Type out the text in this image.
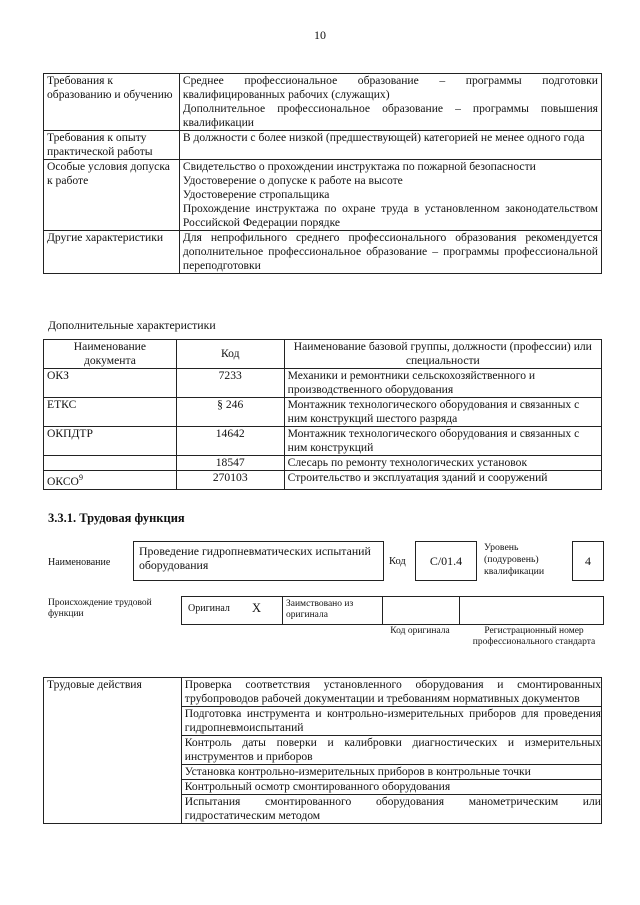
10
Требования к образованию и обучению	Среднее профессиональное образование – программы подготовки квалифицированных рабочих (служащих)
Дополнительное профессиональное образование – программы повышения квалификации
Требования к опыту практической работы	В должности с более низкой (предшествующей) категорией не менее одного года
Особые условия допуска к работе	Свидетельство о прохождении инструктажа по пожарной безопасности
Удостоверение о допуске к работе на высоте
Удостоверение стропальщика
Прохождение инструктажа по охране труда в установленном законодательством Российской Федерации порядке
Другие характеристики	Для непрофильного среднего профессионального образования рекомендуется дополнительное профессиональное образование – программы профессиональной переподготовки
Дополнительные характеристики
Наименование документа	Код	Наименование базовой группы, должности (профессии) или специальности
ОКЗ	7233	Механики и ремонтники сельскохозяйственного и производственного оборудования
ЕТКС	§ 246	Монтажник технологического оборудования и связанных с ним конструкций шестого разряда
ОКПДТР	14642	Монтажник технологического оборудования и связанных с ним конструкций
	18547	Слесарь по ремонту технологических установок
ОКСО$^9$	270103	Строительство и эксплуатация зданий и сооружений
3.3.1. Трудовая функция
Наименование
Проведение гидропневматических испытаний оборудования	Код	С/01.4
Уровень (подуровень) квалификации
4
Происхождение трудовой функции	Оригинал X	Заимствовано из оригинала
Код оригинала	Регистрационный номер профессионального стандарта
Трудовые действия		Проверка соответствия установленного оборудования и смонтированных трубопроводов рабочей документации и требованиям нормативных документов
Подготовка инструмента и контрольно-измерительных приборов для проведения гидропневмоиспытаний
Контроль даты поверки и калибровки диагностических и измерительных инструментов и приборов
Установка контрольно-измерительных приборов в контрольные точки
Контрольный осмотр смонтированного оборудования
Испытания смонтированного оборудования манометрическим или гидростатическим методом
